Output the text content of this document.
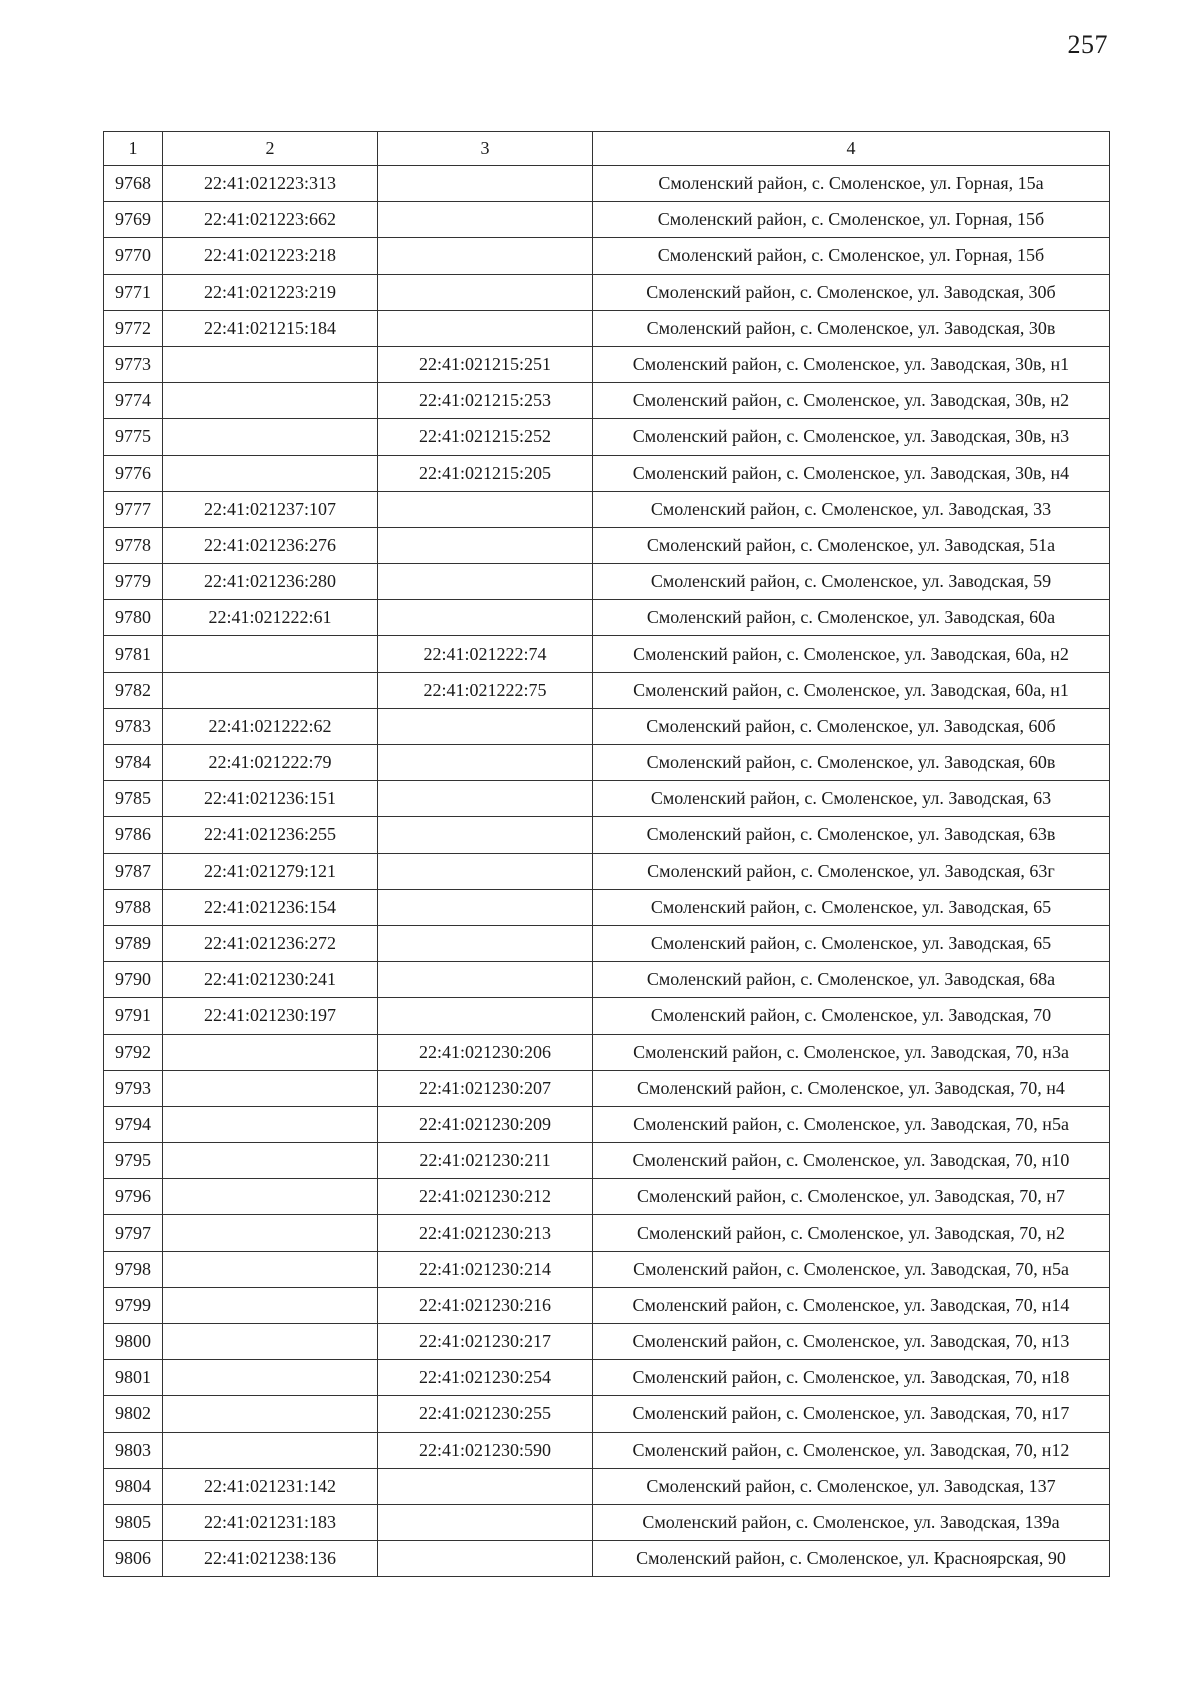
257
1	2	3	4
9768	22:41:021223:313		Смоленский район, с. Смоленское, ул. Горная, 15а
9769	22:41:021223:662		Смоленский район, с. Смоленское, ул. Горная, 15б
9770	22:41:021223:218		Смоленский район, с. Смоленское, ул. Горная, 15б
9771	22:41:021223:219		Смоленский район, с. Смоленское, ул. Заводская, 30б
9772	22:41:021215:184		Смоленский район, с. Смоленское, ул. Заводская, 30в
9773		22:41:021215:251	Смоленский район, с. Смоленское, ул. Заводская, 30в, н1
9774		22:41:021215:253	Смоленский район, с. Смоленское, ул. Заводская, 30в, н2
9775		22:41:021215:252	Смоленский район, с. Смоленское, ул. Заводская, 30в, н3
9776		22:41:021215:205	Смоленский район, с. Смоленское, ул. Заводская, 30в, н4
9777	22:41:021237:107		Смоленский район, с. Смоленское, ул. Заводская, 33
9778	22:41:021236:276		Смоленский район, с. Смоленское, ул. Заводская, 51а
9779	22:41:021236:280		Смоленский район, с. Смоленское, ул. Заводская, 59
9780	22:41:021222:61		Смоленский район, с. Смоленское, ул. Заводская, 60а
9781		22:41:021222:74	Смоленский район, с. Смоленское, ул. Заводская, 60а, н2
9782		22:41:021222:75	Смоленский район, с. Смоленское, ул. Заводская, 60а, н1
9783	22:41:021222:62		Смоленский район, с. Смоленское, ул. Заводская, 60б
9784	22:41:021222:79		Смоленский район, с. Смоленское, ул. Заводская, 60в
9785	22:41:021236:151		Смоленский район, с. Смоленское, ул. Заводская, 63
9786	22:41:021236:255		Смоленский район, с. Смоленское, ул. Заводская, 63в
9787	22:41:021279:121		Смоленский район, с. Смоленское, ул. Заводская, 63г
9788	22:41:021236:154		Смоленский район, с. Смоленское, ул. Заводская, 65
9789	22:41:021236:272		Смоленский район, с. Смоленское, ул. Заводская, 65
9790	22:41:021230:241		Смоленский район, с. Смоленское, ул. Заводская, 68а
9791	22:41:021230:197		Смоленский район, с. Смоленское, ул. Заводская, 70
9792		22:41:021230:206	Смоленский район, с. Смоленское, ул. Заводская, 70, н3а
9793		22:41:021230:207	Смоленский район, с. Смоленское, ул. Заводская, 70, н4
9794		22:41:021230:209	Смоленский район, с. Смоленское, ул. Заводская, 70, н5а
9795		22:41:021230:211	Смоленский район, с. Смоленское, ул. Заводская, 70, н10
9796		22:41:021230:212	Смоленский район, с. Смоленское, ул. Заводская, 70, н7
9797		22:41:021230:213	Смоленский район, с. Смоленское, ул. Заводская, 70, н2
9798		22:41:021230:214	Смоленский район, с. Смоленское, ул. Заводская, 70, н5а
9799		22:41:021230:216	Смоленский район, с. Смоленское, ул. Заводская, 70, н14
9800		22:41:021230:217	Смоленский район, с. Смоленское, ул. Заводская, 70, н13
9801		22:41:021230:254	Смоленский район, с. Смоленское, ул. Заводская, 70, н18
9802		22:41:021230:255	Смоленский район, с. Смоленское, ул. Заводская, 70, н17
9803		22:41:021230:590	Смоленский район, с. Смоленское, ул. Заводская, 70, н12
9804	22:41:021231:142		Смоленский район, с. Смоленское, ул. Заводская, 137
9805	22:41:021231:183		Смоленский район, с. Смоленское, ул. Заводская, 139а
9806	22:41:021238:136		Смоленский район, с. Смоленское, ул. Красноярская, 90
